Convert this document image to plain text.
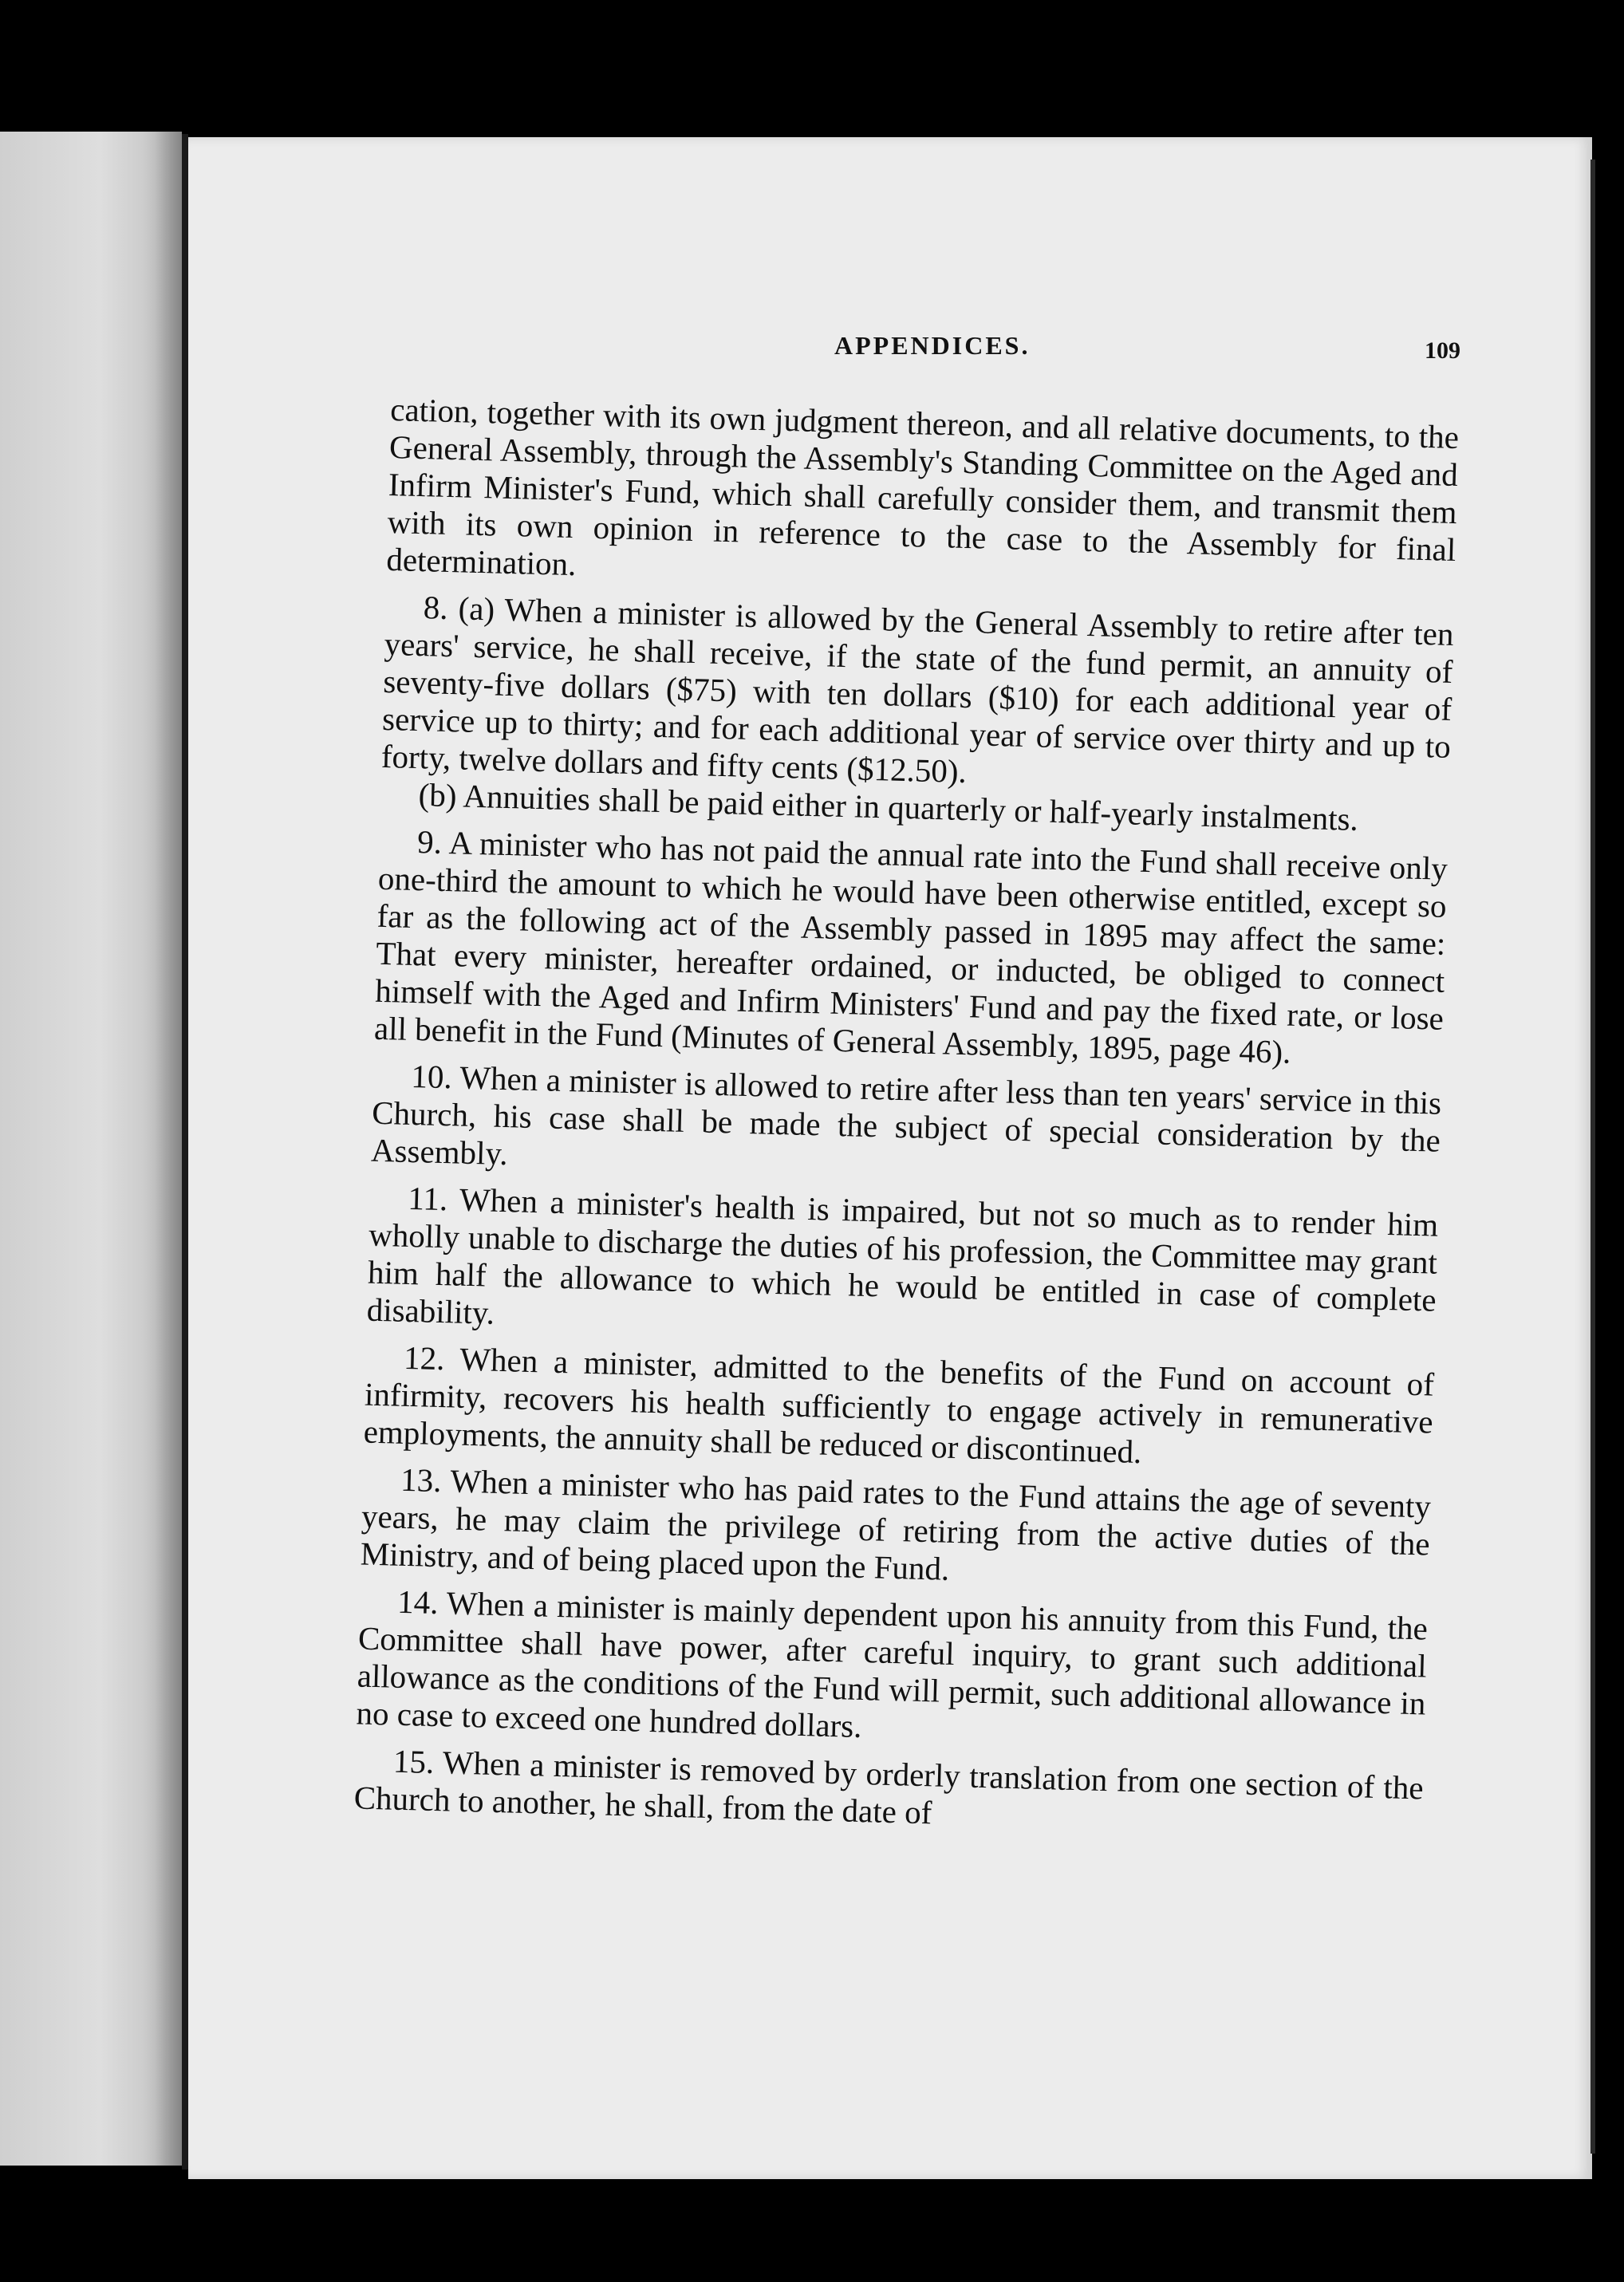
APPENDICES.	109

cation, together with its own judgment thereon, and all relative documents, to the General Assembly, through the Assembly's Standing Committee on the Aged and Infirm Minister's Fund, which shall carefully consider them, and transmit them with its own opinion in reference to the case to the Assembly for final determination.

8. (a) When a minister is allowed by the General Assembly to retire after ten years' service, he shall receive, if the state of the fund permit, an annuity of seventy-five dollars ($75) with ten dollars ($10) for each additional year of service up to thirty; and for each additional year of service over thirty and up to forty, twelve dollars and fifty cents ($12.50).

(b) Annuities shall be paid either in quarterly or half-yearly instalments.

9. A minister who has not paid the annual rate into the Fund shall receive only one-third the amount to which he would have been otherwise entitled, except so far as the following act of the Assembly passed in 1895 may affect the same: That every minister, hereafter ordained, or inducted, be obliged to connect himself with the Aged and Infirm Ministers' Fund and pay the fixed rate, or lose all benefit in the Fund (Minutes of General Assembly, 1895, page 46).

10. When a minister is allowed to retire after less than ten years' service in this Church, his case shall be made the subject of special consideration by the Assembly.

11. When a minister's health is impaired, but not so much as to render him wholly unable to discharge the duties of his profession, the Committee may grant him half the allowance to which he would be entitled in case of complete disability.

12. When a minister, admitted to the benefits of the Fund on account of infirmity, recovers his health sufficiently to engage actively in remunerative employments, the annuity shall be reduced or discontinued.

13. When a minister who has paid rates to the Fund attains the age of seventy years, he may claim the privilege of retiring from the active duties of the Ministry, and of being placed upon the Fund.

14. When a minister is mainly dependent upon his annuity from this Fund, the Committee shall have power, after careful inquiry, to grant such additional allowance as the conditions of the Fund will permit, such additional allowance in no case to exceed one hundred dollars.

15. When a minister is removed by orderly translation from one section of the Church to another, he shall, from the date of
